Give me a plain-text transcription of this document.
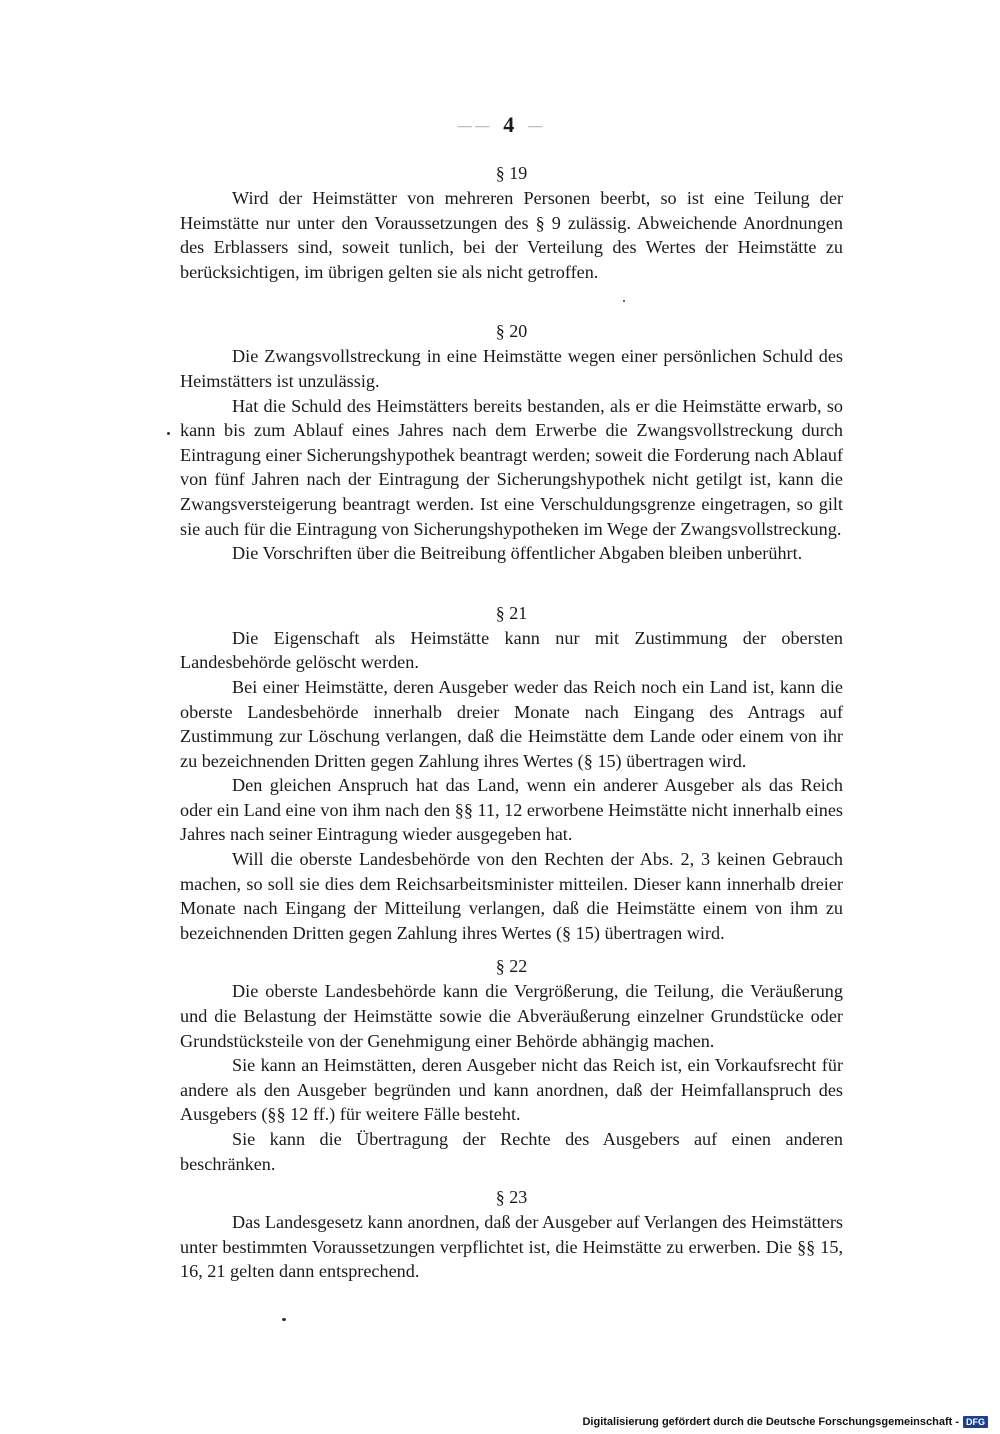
— — 4 —
§ 19

Wird der Heimstätter von mehreren Personen beerbt, so ist eine Teilung der Heimstätte nur unter den Voraussetzungen des § 9 zulässig. Abweichende Anordnungen des Erblassers sind, soweit tunlich, bei der Verteilung des Wertes der Heimstätte zu berücksichtigen, im übrigen gelten sie als nicht getroffen.

§ 20

Die Zwangsvollstreckung in eine Heimstätte wegen einer persönlichen Schuld des Heimstätters ist unzulässig.

Hat die Schuld des Heimstätters bereits bestanden, als er die Heimstätte erwarb, so kann bis zum Ablauf eines Jahres nach dem Erwerbe die Zwangsvollstreckung durch Eintragung einer Sicherungshypothek beantragt werden; soweit die Forderung nach Ablauf von fünf Jahren nach der Eintragung der Sicherungshypothek nicht getilgt ist, kann die Zwangsversteigerung beantragt werden. Ist eine Verschuldungsgrenze eingetragen, so gilt sie auch für die Eintragung von Sicherungshypotheken im Wege der Zwangsvollstreckung.

Die Vorschriften über die Beitreibung öffentlicher Abgaben bleiben unberührt.

§ 21

Die Eigenschaft als Heimstätte kann nur mit Zustimmung der obersten Landesbehörde gelöscht werden.

Bei einer Heimstätte, deren Ausgeber weder das Reich noch ein Land ist, kann die oberste Landesbehörde innerhalb dreier Monate nach Eingang des Antrags auf Zustimmung zur Löschung verlangen, daß die Heimstätte dem Lande oder einem von ihr zu bezeichnenden Dritten gegen Zahlung ihres Wertes (§ 15) übertragen wird.

Den gleichen Anspruch hat das Land, wenn ein anderer Ausgeber als das Reich oder ein Land eine von ihm nach den §§ 11, 12 erworbene Heimstätte nicht innerhalb eines Jahres nach seiner Eintragung wieder ausgegeben hat.

Will die oberste Landesbehörde von den Rechten der Abs. 2, 3 keinen Gebrauch machen, so soll sie dies dem Reichsarbeitsminister mitteilen. Dieser kann innerhalb dreier Monate nach Eingang der Mitteilung verlangen, daß die Heimstätte einem von ihm zu bezeichnenden Dritten gegen Zahlung ihres Wertes (§ 15) übertragen wird.

§ 22

Die oberste Landesbehörde kann die Vergrößerung, die Teilung, die Veräußerung und die Belastung der Heimstätte sowie die Abveräußerung einzelner Grundstücke oder Grundstücksteile von der Genehmigung einer Behörde abhängig machen.

Sie kann an Heimstätten, deren Ausgeber nicht das Reich ist, ein Vorkaufsrecht für andere als den Ausgeber begründen und kann anordnen, daß der Heimfallanspruch des Ausgebers (§§ 12 ff.) für weitere Fälle besteht.

Sie kann die Übertragung der Rechte des Ausgebers auf einen anderen beschränken.

§ 23

Das Landesgesetz kann anordnen, daß der Ausgeber auf Verlangen des Heimstätters unter bestimmten Voraussetzungen verpflichtet ist, die Heimstätte zu erwerben. Die §§ 15, 16, 21 gelten dann entsprechend.

Digitalisierung gefördert durch die Deutsche Forschungsgemeinschaft - DFG
